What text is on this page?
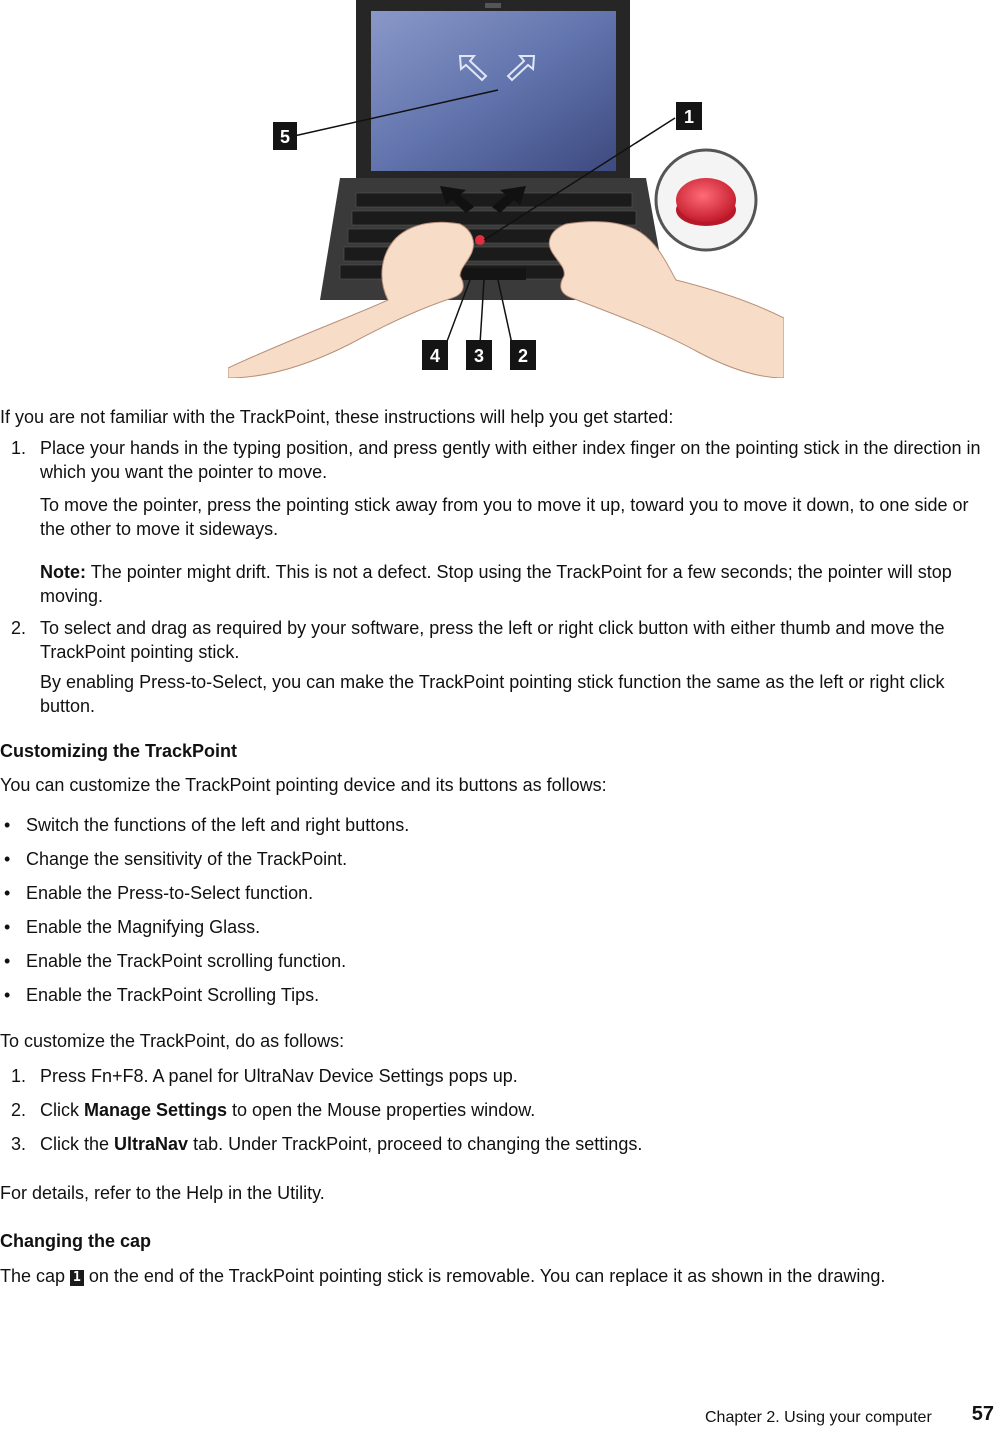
5
1
4 3 2

If you are not familiar with the TrackPoint, these instructions will help you get started:

1. Place your hands in the typing position, and press gently with either index finger on the pointing stick in the direction in which you want the pointer to move.

To move the pointer, press the pointing stick away from you to move it up, toward you to move it down, to one side or the other to move it sideways.

Note: The pointer might drift. This is not a defect. Stop using the TrackPoint for a few seconds; the pointer will stop moving.

2. To select and drag as required by your software, press the left or right click button with either thumb and move the TrackPoint pointing stick.

By enabling Press-to-Select, you can make the TrackPoint pointing stick function the same as the left or right click button.

Customizing the TrackPoint

You can customize the TrackPoint pointing device and its buttons as follows:

• Switch the functions of the left and right buttons.
• Change the sensitivity of the TrackPoint.
• Enable the Press-to-Select function.
• Enable the Magnifying Glass.
• Enable the TrackPoint scrolling function.
• Enable the TrackPoint Scrolling Tips.

To customize the TrackPoint, do as follows:

1. Press Fn+F8. A panel for UltraNav Device Settings pops up.
2. Click Manage Settings to open the Mouse properties window.
3. Click the UltraNav tab. Under TrackPoint, proceed to changing the settings.

For details, refer to the Help in the Utility.

Changing the cap

The cap 1 on the end of the TrackPoint pointing stick is removable. You can replace it as shown in the drawing.

Chapter 2. Using your computer 57
